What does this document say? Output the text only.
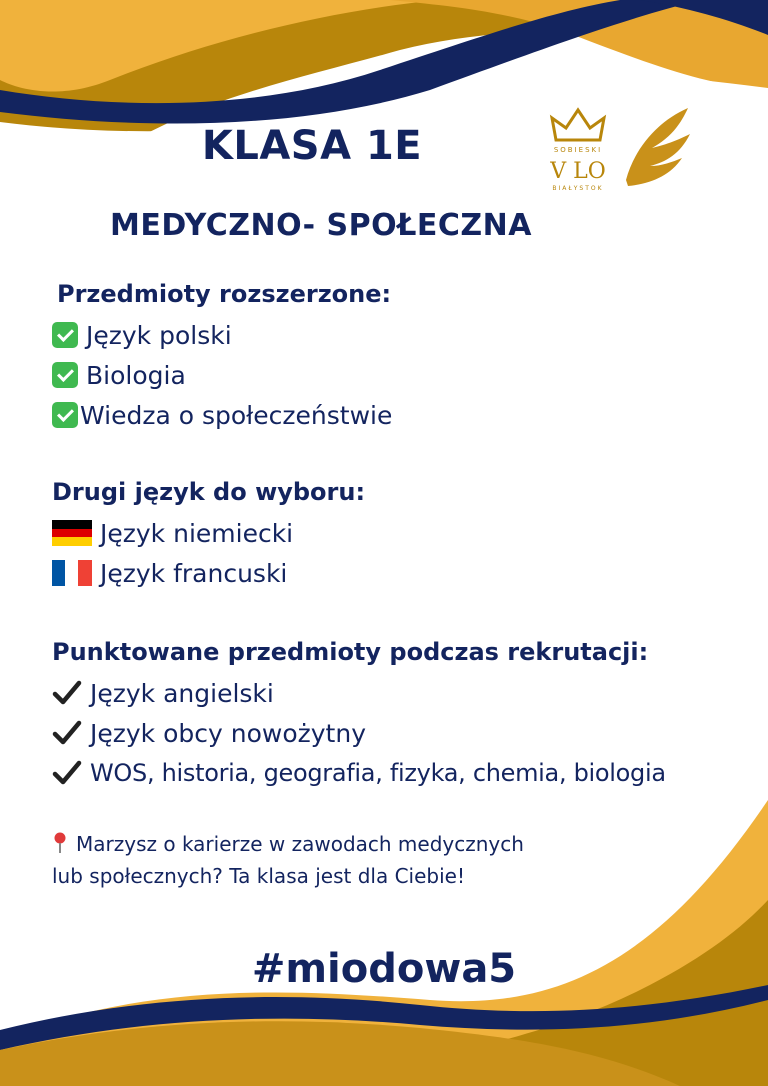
SOBIESKI
V LO
BIAŁYSTOK
KLASA 1E
MEDYCZNO- SPOŁECZNA
Przedmioty rozszerzone:
Język polski
Biologia
Wiedza o społeczeństwie
Drugi język do wyboru:
Język niemiecki
Język francuski
Punktowane przedmioty podczas rekrutacji:
Język angielski
Język obcy nowożytny
WOS, historia, geografia, fizyka, chemia, biologia
Marzysz o karierze w zawodach medycznych
lub społecznych? Ta klasa jest dla Ciebie!
#miodowa5
